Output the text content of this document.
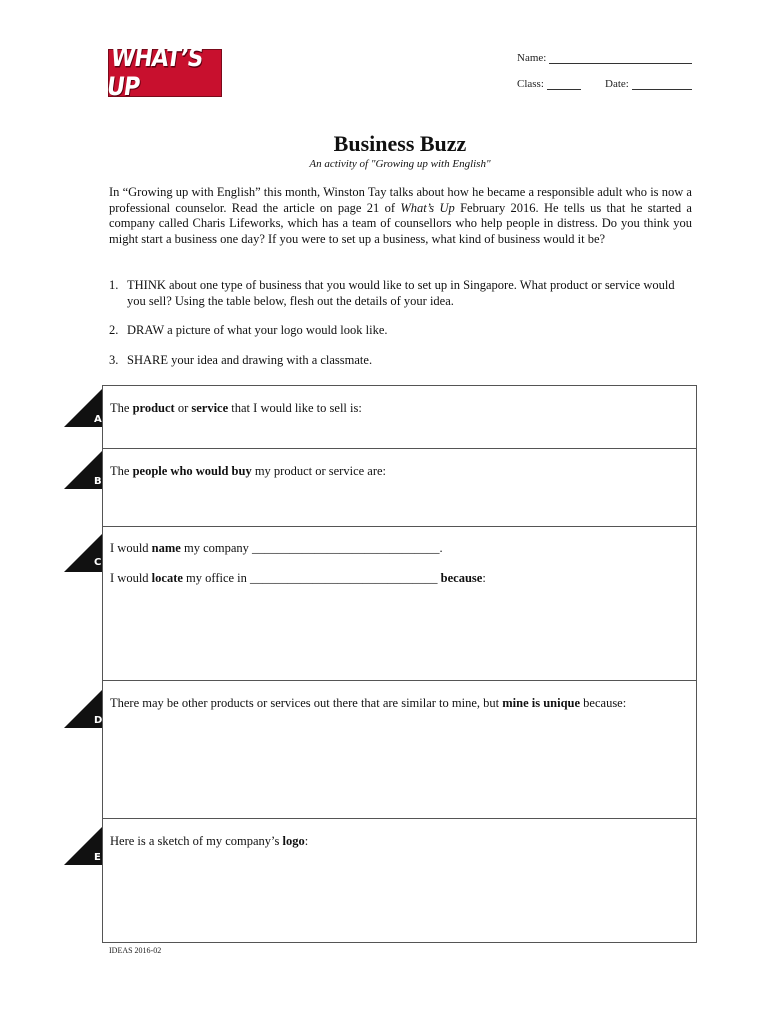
WHAT’S UP
Name:
Class:	Date:
Business Buzz
An activity of "Growing up with English"
In “Growing up with English” this month, Winston Tay talks about how he became a responsible adult who is now a professional counselor. Read the article on page 21 of What’s Up February 2016. He tells us that he started a company called Charis Lifeworks, which has a team of counsellors who help people in distress. Do you think you might start a business one day? If you were to set up a business, what kind of business would it be?
1. THINK about one type of business that you would like to set up in Singapore. What product or service would you sell? Using the table below, flesh out the details of your idea.
2. DRAW a picture of what your logo would look like.
3. SHARE your idea and drawing with a classmate.
A
B
C
D
E
The product or service that I would like to sell is:
The people who would buy my product or service are:
I would name my company ______________________________.
I would locate my office in ______________________________ because:
There may be other products or services out there that are similar to mine, but mine is unique because:
Here is a sketch of my company’s logo:
IDEAS 2016-02
